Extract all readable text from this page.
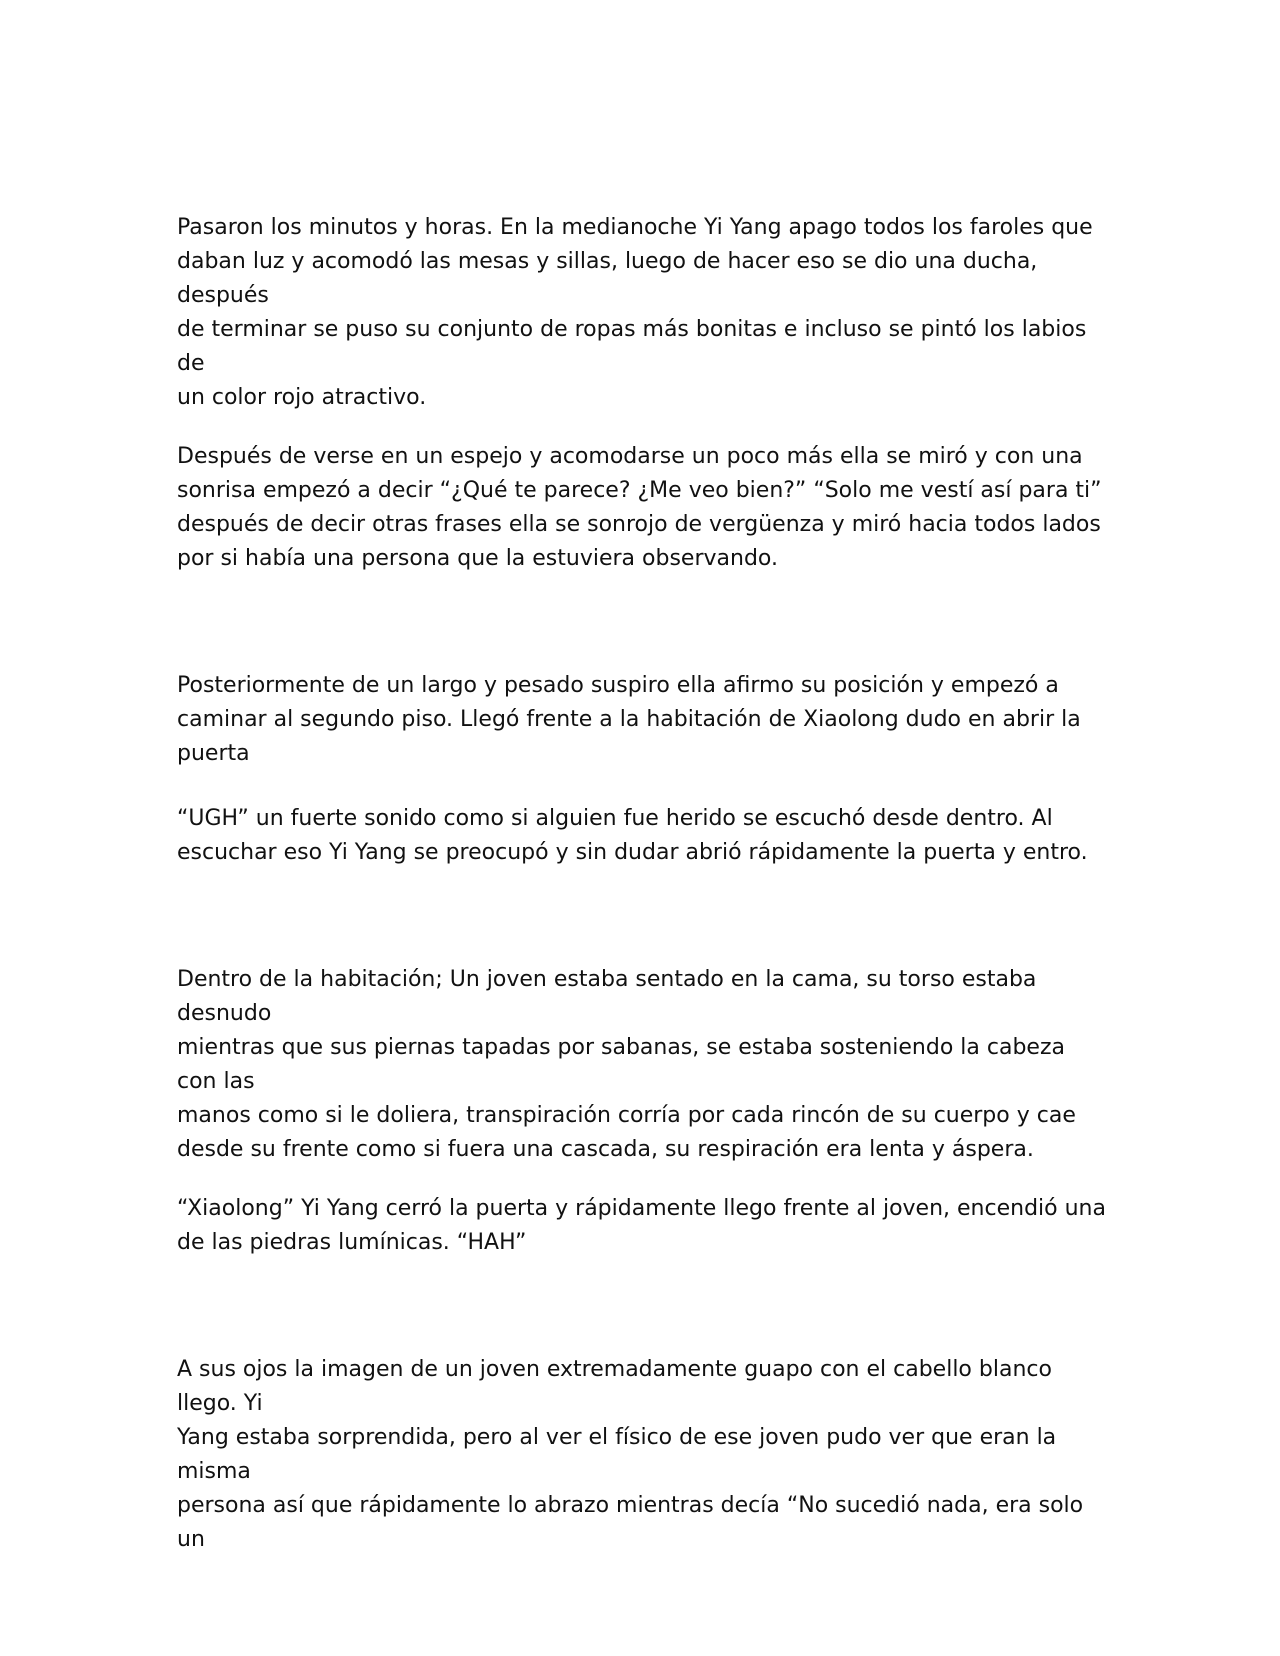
Pasaron los minutos y horas. En la medianoche Yi Yang apago todos los faroles que
daban luz y acomodó las mesas y sillas, luego de hacer eso se dio una ducha, después
de terminar se puso su conjunto de ropas más bonitas e incluso se pintó los labios de
un color rojo atractivo.

Después de verse en un espejo y acomodarse un poco más ella se miró y con una
sonrisa empezó a decir “¿Qué te parece? ¿Me veo bien?” “Solo me vestí así para ti”
después de decir otras frases ella se sonrojo de vergüenza y miró hacia todos lados
por si había una persona que la estuviera observando.

Posteriormente de un largo y pesado suspiro ella afirmo su posición y empezó a
caminar al segundo piso. Llegó frente a la habitación de Xiaolong dudo en abrir la
puerta

“UGH” un fuerte sonido como si alguien fue herido se escuchó desde dentro. Al
escuchar eso Yi Yang se preocupó y sin dudar abrió rápidamente la puerta y entro.

Dentro de la habitación; Un joven estaba sentado en la cama, su torso estaba desnudo
mientras que sus piernas tapadas por sabanas, se estaba sosteniendo la cabeza con las
manos como si le doliera, transpiración corría por cada rincón de su cuerpo y cae
desde su frente como si fuera una cascada, su respiración era lenta y áspera.

“Xiaolong” Yi Yang cerró la puerta y rápidamente llego frente al joven, encendió una
de las piedras lumínicas. “HAH”

A sus ojos la imagen de un joven extremadamente guapo con el cabello blanco llego. Yi
Yang estaba sorprendida, pero al ver el físico de ese joven pudo ver que eran la misma
persona así que rápidamente lo abrazo mientras decía “No sucedió nada, era solo un
